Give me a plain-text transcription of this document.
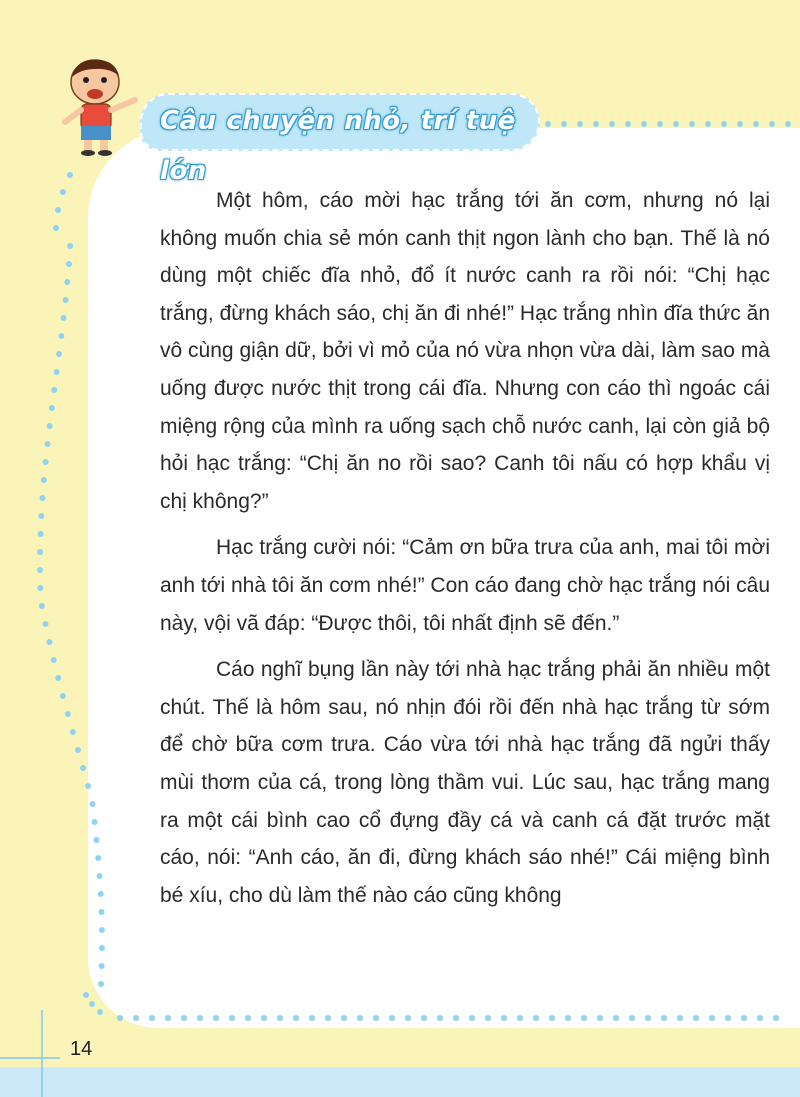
Câu chuyện nhỏ, trí tuệ lớn

Một hôm, cáo mời hạc trắng tới ăn cơm, nhưng nó lại không muốn chia sẻ món canh thịt ngon lành cho bạn. Thế là nó dùng một chiếc đĩa nhỏ, đổ ít nước canh ra rồi nói: “Chị hạc trắng, đừng khách sáo, chị ăn đi nhé!” Hạc trắng nhìn đĩa thức ăn vô cùng giận dữ, bởi vì mỏ của nó vừa nhọn vừa dài, làm sao mà uống được nước thịt trong cái đĩa. Nhưng con cáo thì ngoác cái miệng rộng của mình ra uống sạch chỗ nước canh, lại còn giả bộ hỏi hạc trắng: “Chị ăn no rồi sao? Canh tôi nấu có hợp khẩu vị chị không?”

Hạc trắng cười nói: “Cảm ơn bữa trưa của anh, mai tôi mời anh tới nhà tôi ăn cơm nhé!” Con cáo đang chờ hạc trắng nói câu này, vội vã đáp: “Được thôi, tôi nhất định sẽ đến.”

Cáo nghĩ bụng lần này tới nhà hạc trắng phải ăn nhiều một chút. Thế là hôm sau, nó nhịn đói rồi đến nhà hạc trắng từ sớm để chờ bữa cơm trưa. Cáo vừa tới nhà hạc trắng đã ngửi thấy mùi thơm của cá, trong lòng thầm vui. Lúc sau, hạc trắng mang ra một cái bình cao cổ đựng đầy cá và canh cá đặt trước mặt cáo, nói: “Anh cáo, ăn đi, đừng khách sáo nhé!” Cái miệng bình bé xíu, cho dù làm thế nào cáo cũng không

14
